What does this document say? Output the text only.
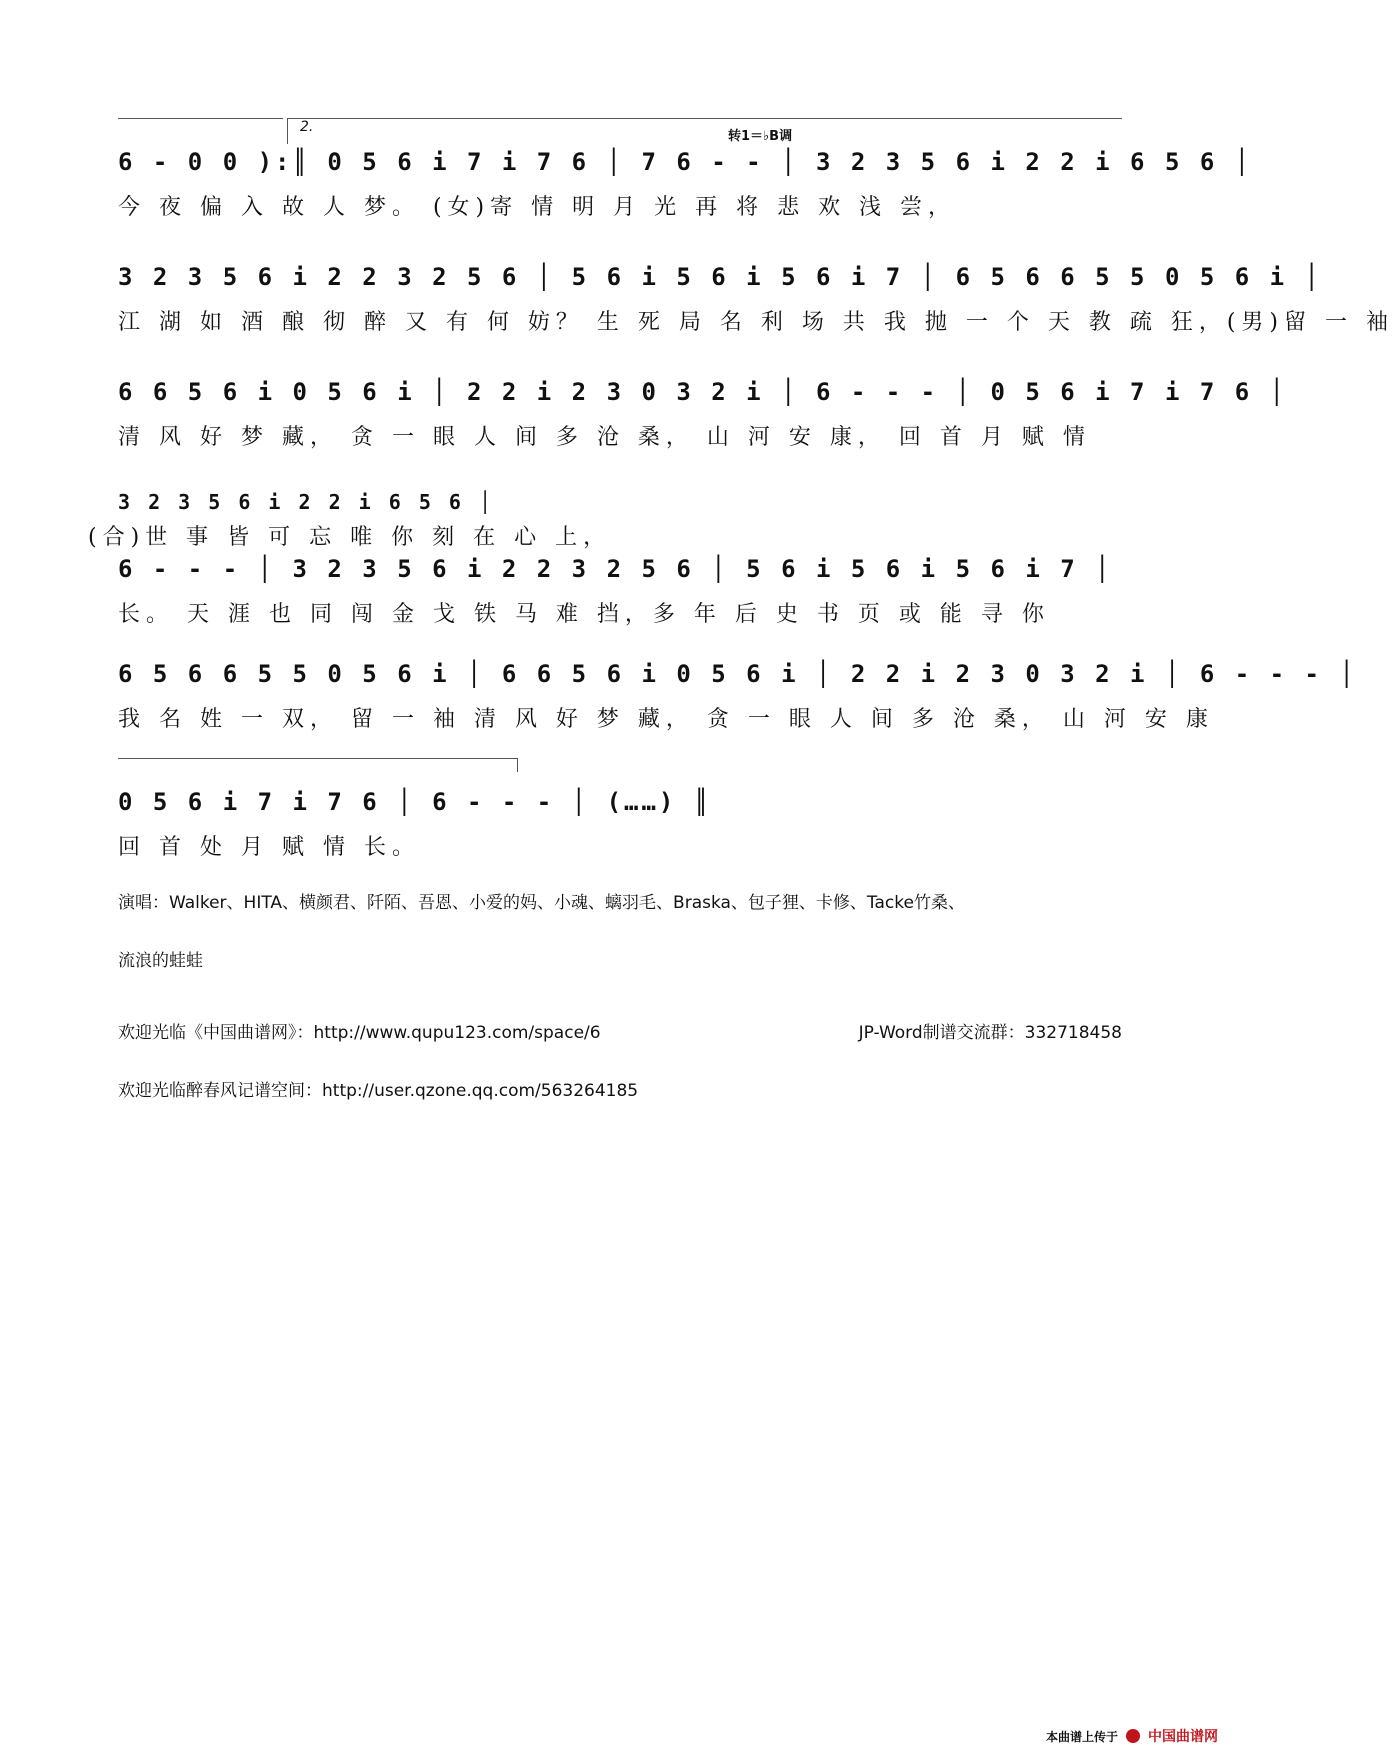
2.
转1＝♭B调
6 - 0 0 ):║ 0 5 6 i 7 i 7 6 │ 7 6 - - │ 3 2 3 5 6 i 2 2 i 6 5 6 │
今 夜 偏 入 故 人 梦。 (女)寄 情 明 月 光 再 将 悲 欢 浅 尝，
3 2 3 5 6 i 2 2 3 2 5 6 │ 5 6 i 5 6 i 5 6 i 7 │ 6 5 6 6 5 5 0 5 6 i │
江 湖 如 酒 酿 彻 醉 又 有 何 妨？ 生 死 局 名 利 场 共 我 抛 一 个 天 教 疏 狂，(男)留 一 袖
6 6 5 6 i 0 5 6 i │ 2 2 i 2 3 0 3 2 i │ 6 - - - │ 0 5 6 i 7 i 7 6 │
清 风 好 梦 藏， 贪 一 眼 人 间 多 沧 桑， 山 河 安 康， 回 首 月 赋 情
3 2 3 5 6 i 2 2 i 6 5 6 │
(合)世 事 皆 可 忘 唯 你 刻 在 心 上，
6 - - - │ 3 2 3 5 6 i 2 2 3 2 5 6 │ 5 6 i 5 6 i 5 6 i 7 │
长。 天 涯 也 同 闯 金 戈 铁 马 难 挡，多 年 后 史 书 页 或 能 寻 你
6 5 6 6 5 5 0 5 6 i │ 6 6 5 6 i 0 5 6 i │ 2 2 i 2 3 0 3 2 i │ 6 - - - │
我 名 姓 一 双， 留 一 袖 清 风 好 梦 藏， 贪 一 眼 人 间 多 沧 桑， 山 河 安 康
0 5 6 i 7 i 7 6 │ 6 - - - │ (……) ║
回 首 处 月 赋 情 长。
演唱：Walker、HITA、横颜君、阡陌、吾恩、小爱的妈、小魂、螭羽毛、Braska、包子狸、卡修、Tacke竹桑、
流浪的蛙蛙
欢迎光临《中国曲谱网》：http://www.qupu123.com/space/6	JP-Word制谱交流群：332718458
欢迎光临醉春风记谱空间：http://user.qzone.qq.com/563264185
本曲谱上传于 中国曲谱网
